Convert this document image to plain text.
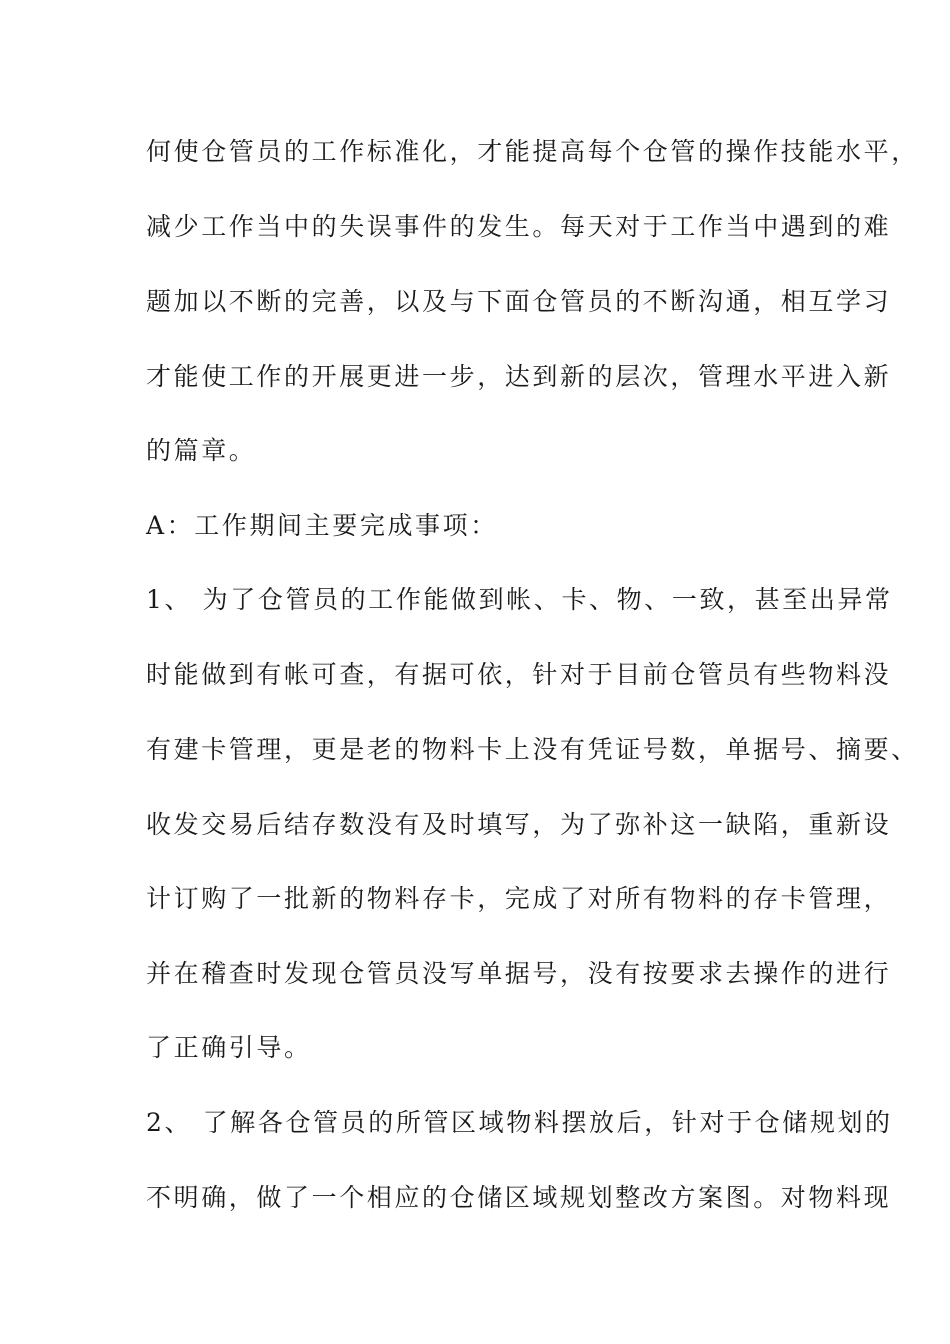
何使仓管员的工作标准化，才能提高每个仓管的操作技能水平，
减少工作当中的失误事件的发生。每天对于工作当中遇到的难
题加以不断的完善，以及与下面仓管员的不断沟通，相互学习
才能使工作的开展更进一步，达到新的层次，管理水平进入新
的篇章。
A：工作期间主要完成事项：
1、 为了仓管员的工作能做到帐、卡、物、一致，甚至出异常
时能做到有帐可查，有据可依，针对于目前仓管员有些物料没
有建卡管理，更是老的物料卡上没有凭证号数，单据号、摘要、
收发交易后结存数没有及时填写，为了弥补这一缺陷，重新设
计订购了一批新的物料存卡，完成了对所有物料的存卡管理，
并在稽查时发现仓管员没写单据号，没有按要求去操作的进行
了正确引导。
2、 了解各仓管员的所管区域物料摆放后，针对于仓储规划的
不明确，做了一个相应的仓储区域规划整改方案图。对物料现
